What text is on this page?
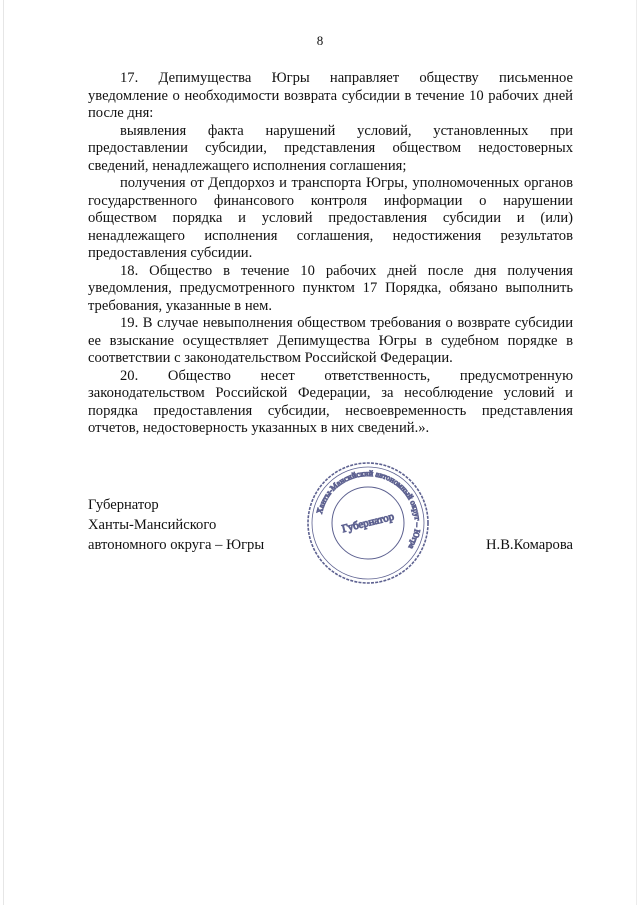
8

17. Депимущества Югры направляет обществу письменное уведомление о необходимости возврата субсидии в течение 10 рабочих дней после дня:

выявления факта нарушений условий, установленных при предоставлении субсидии, представления обществом недостоверных сведений, ненадлежащего исполнения соглашения;

получения от Депдорхоз и транспорта Югры, уполномоченных органов государственного финансового контроля информации о нарушении обществом порядка и условий предоставления субсидии и (или) ненадлежащего исполнения соглашения, недостижения результатов предоставления субсидии.

18. Общество в течение 10 рабочих дней после дня получения уведомления, предусмотренного пунктом 17 Порядка, обязано выполнить требования, указанные в нем.

19. В случае невыполнения обществом требования о возврате субсидии ее взыскание осуществляет Депимущества Югры в судебном порядке в соответствии с законодательством Российской Федерации.

20. Общество несет ответственность, предусмотренную законодательством Российской Федерации, за несоблюдение условий и порядка предоставления субсидии, несвоевременность представления отчетов, недостоверность указанных в них сведений.».

Ханты-Мансийский автономный округ – Югра
Губернатор
Губернатор
Ханты-Мансийского
автономного округа – Югры	Н.В.Комарова
